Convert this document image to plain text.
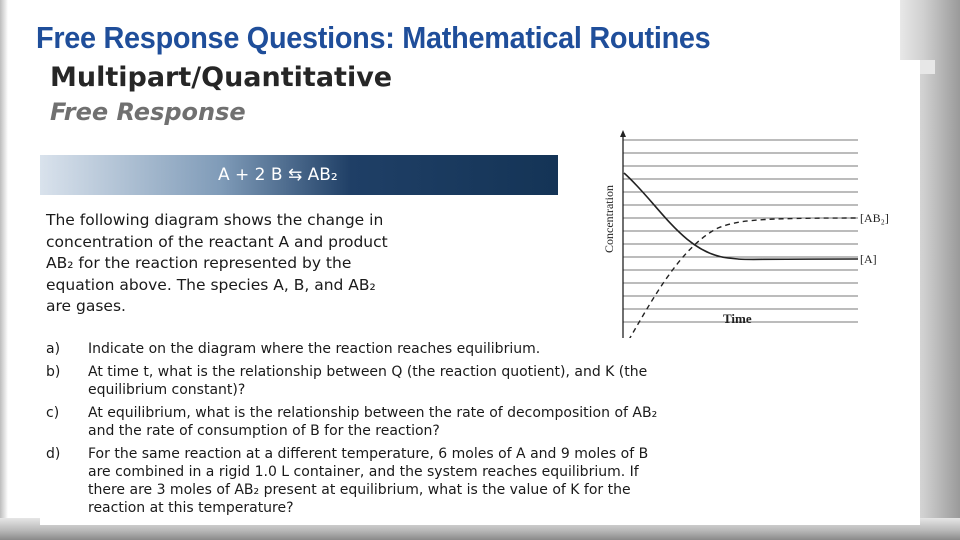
Free Response Questions: Mathematical Routines
Multipart/Quantitative
Free Response
A + 2 B ⇆ AB₂

The following diagram shows the change in

concentration of the reactant A and product

AB₂ for the reaction represented by the

equation above. The species A, B, and AB₂

are gases.

[AB₂]
[A]
Concentration
Time
a) Indicate on the diagram where the reaction reaches equilibrium.
b) At time t, what is the relationship between Q (the reaction quotient), and K (the
equilibrium constant)?
c) At equilibrium, what is the relationship between the rate of decomposition of AB₂
and the rate of consumption of B for the reaction?
d) For the same reaction at a different temperature, 6 moles of A and 9 moles of B
are combined in a rigid 1.0 L container, and the system reaches equilibrium. If
there are 3 moles of AB₂ present at equilibrium, what is the value of K for the
reaction at this temperature?
